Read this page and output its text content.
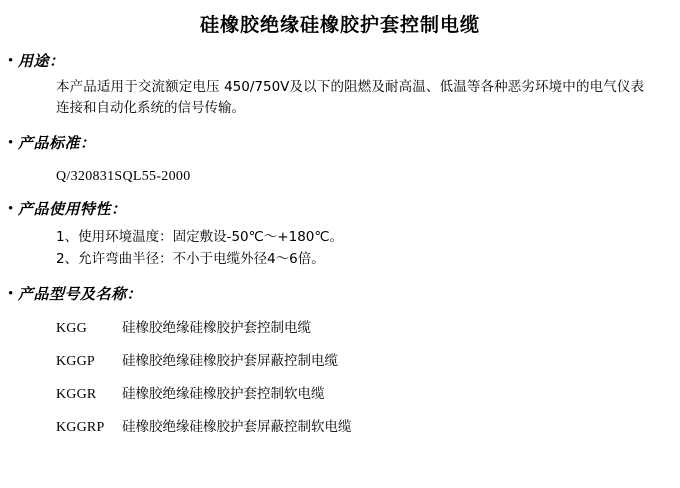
硅橡胶绝缘硅橡胶护套控制电缆
• 用途：
本产品适用于交流额定电压 450/750V及以下的阻燃及耐高温、低温等各种恶劣环境中的电气仪表连接和自动化系统的信号传输。
• 产品标准：
Q/320831SQL55-2000
• 产品使用特性：
1、使用环境温度：固定敷设-50℃～+180℃。
2、允许弯曲半径：不小于电缆外径4～6倍。
• 产品型号及名称：
KGG	硅橡胶绝缘硅橡胶护套控制电缆
KGGP	硅橡胶绝缘硅橡胶护套屏蔽控制电缆
KGGR	硅橡胶绝缘硅橡胶护套控制软电缆
KGGRP	硅橡胶绝缘硅橡胶护套屏蔽控制软电缆
